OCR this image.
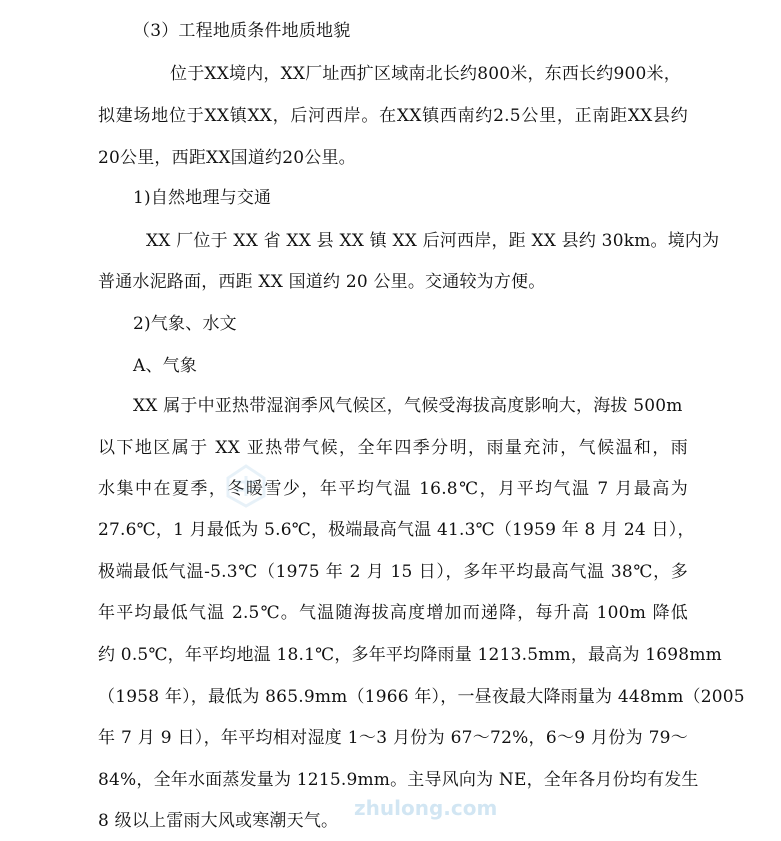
（3）工程地质条件地质地貌
位于XX境内，XX厂址西扩区域南北长约800米，东西长约900米，
拟建场地位于XX镇XX，后河西岸。在XX镇西南约2.5公里，正南距XX县约
20公里，西距XX国道约20公里。
1)自然地理与交通
XX 厂位于 XX 省 XX 县 XX 镇 XX 后河西岸，距 XX 县约 30km。境内为
普通水泥路面，西距 XX 国道约 20 公里。交通较为方便。
2)气象、水文
A、气象
XX 属于中亚热带湿润季风气候区，气候受海拔高度影响大，海拔 500m
以下地区属于 XX 亚热带气候，全年四季分明，雨量充沛，气候温和，雨
水集中在夏季，冬暖雪少，年平均气温 16.8℃，月平均气温 7 月最高为
27.6℃，1 月最低为 5.6℃，极端最高气温 41.3℃（1959 年 8 月 24 日），
极端最低气温-5.3℃（1975 年 2 月 15 日），多年平均最高气温 38℃，多
年平均最低气温 2.5℃。气温随海拔高度增加而递降，每升高 100m 降低
约 0.5℃，年平均地温 18.1℃，多年平均降雨量 1213.5mm，最高为 1698mm
（1958 年），最低为 865.9mm（1966 年），一昼夜最大降雨量为 448mm（2005
年 7 月 9 日），年平均相对湿度 1～3 月份为 67～72%，6～9 月份为 79～
84%，全年水面蒸发量为 1215.9mm。主导风向为 NE，全年各月份均有发生
8 级以上雷雨大风或寒潮天气。
zhulong.com
